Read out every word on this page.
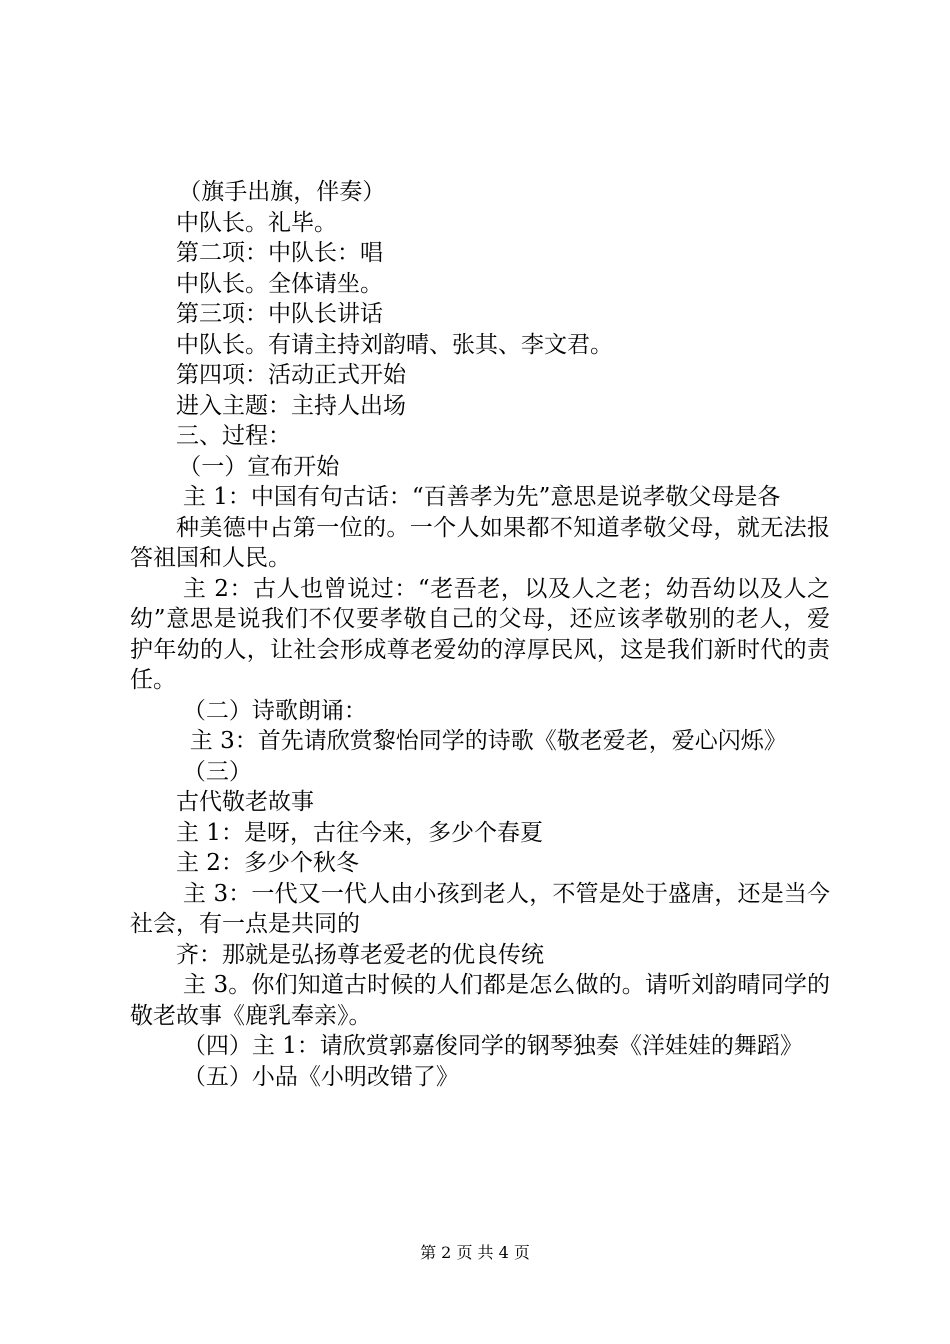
（旗手出旗，伴奏）

中队长。礼毕。

第二项：中队长：唱

中队长。全体请坐。

第三项：中队长讲话

中队长。有请主持刘韵晴、张其、李文君。

第四项：活动正式开始

进入主题：主持人出场

三、过程：

（一）宣布开始

主 1：中国有句古话：“百善孝为先”意思是说孝敬父母是各

种美德中占第一位的。一个人如果都不知道孝敬父母，就无法报答祖国和人民。

主 2：古人也曾说过：“老吾老，以及人之老；幼吾幼以及人之幼”意思是说我们不仅要孝敬自己的父母，还应该孝敬别的老人，爱护年幼的人，让社会形成尊老爱幼的淳厚民风，这是我们新时代的责任。

（二）诗歌朗诵：

主 3：首先请欣赏黎怡同学的诗歌《敬老爱老，爱心闪烁》

（三）

古代敬老故事

主 1：是呀，古往今来，多少个春夏

主 2：多少个秋冬

主 3：一代又一代人由小孩到老人，不管是处于盛唐，还是当今社会，有一点是共同的

齐：那就是弘扬尊老爱老的优良传统

主 3。你们知道古时候的人们都是怎么做的。请听刘韵晴同学的敬老故事《鹿乳奉亲》。

（四）主 1：请欣赏郭嘉俊同学的钢琴独奏《洋娃娃的舞蹈》

（五）小品《小明改错了》

第 2 页 共 4 页
